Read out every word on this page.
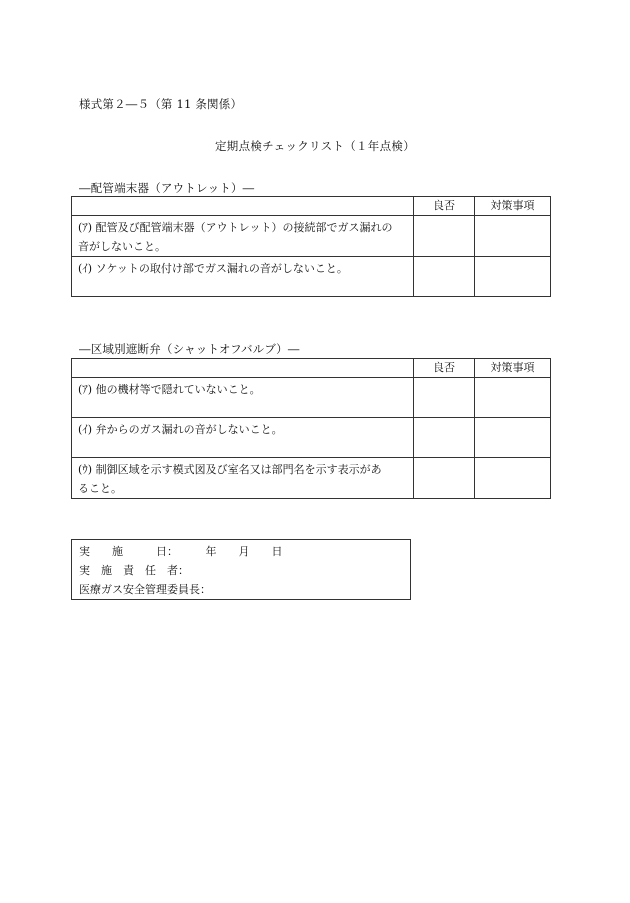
様式第２―５（第 11 条関係）
定期点検チェックリスト（１年点検）
―配管端末器（アウトレット）―
	良否	対策事項

(ｱ) 配管及び配管端末器（アウトレット）の接続部でガス漏れの
音がしないこと。		

(ｲ) ソケットの取付け部でガス漏れの音がしないこと。		

―区域別遮断弁（シャットオフバルブ）―
	良否	対策事項

(ｱ) 他の機材等で隠れていないこと。		

(ｲ) 弁からのガス漏れの音がしないこと。		

(ｳ) 制御区域を示す模式図及び室名又は部門名を示す表示があ
ること。		

実　　施　　　日：　　　年　　月　　日
実　施　責　任　者：
医療ガス安全管理委員長：
